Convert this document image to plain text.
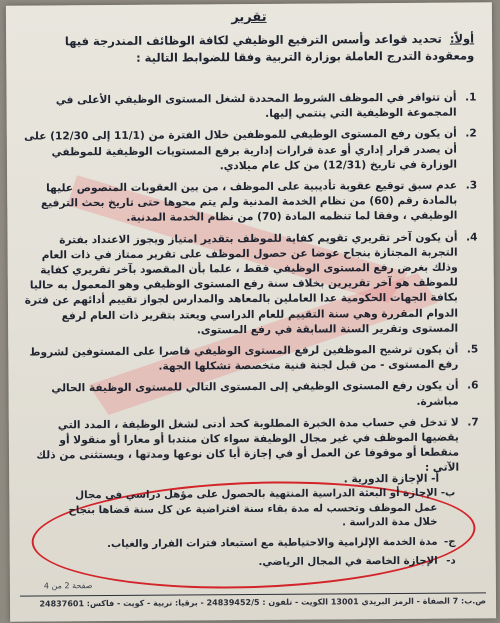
تقرير
أولاً: تحديد قواعد وأسس الترفيع الوظيفي لكافة الوظائف المندرجة فيها ومعقودة التدرج العاملة بوزارة التربية وفقا للضوابط التالية :
1.
أن تتوافر في الموظف الشروط المحددة لشغل المستوى الوظيفي الأعلى في المجموعة الوظيفية التي ينتمي إليها.
2.
أن يكون رفع المستوى الوظيفي للموظفين خلال الفترة من (11/1 إلى 12/30) على أن يصدر قرار إداري أو عدة قرارات إدارية برفع المستويات الوظيفية للموظفي الوزارة في تاريخ (12/31) من كل عام ميلادي.
3.
عدم سبق توقيع عقوبة تأديبية على الموظف ، من بين العقوبات المنصوص عليها بالمادة رقم (60) من نظام الخدمة المدنية ولم يتم محوها حتى تاريخ بحث الترفيع الوظيفي ، وفقا لما تنظمه المادة (70) من نظام الخدمة المدنية.
4.
أن يكون آخر تقريري تقويم كفاية للموظف بتقدير امتياز ويجوز الاعتداد بفترة التجربة المجتازة بنجاح عوضا عن حصول الموظف على تقرير ممتاز في ذات العام وذلك بغرض رفع المستوى الوظيفي فقط ، علما بأن المقصود بآخر تقريري كفاية للموظف هو آخر تقريرين بخلاف سنة رفع المستوى الوظيفي وهو المعمول به حاليا بكافة الجهات الحكومية عدا العاملين بالمعاهد والمدارس لجواز تقييم أدائهم عن فترة الدوام المقررة وهي سنة التقييم للعام الدراسي ويعتد بتقرير ذات العام لرفع المستوى وتقرير السنة السابقة في رفع المستوى.
5.
أن يكون ترشيح الموظفين لرفع المستوى الوظيفي قاصرا على المستوفين لشروط رفع المستوى - من قبل لجنة فنية متخصصة تشكلها الجهة.
6.
أن يكون رفع المستوى الوظيفي إلى المستوى التالي للمستوى الوظيفة الحالي مباشرة.
7.
لا تدخل في حساب مدة الخبرة المطلوبة كحد أدنى لشغل الوظيفة ، المدد التي يقضيها الموظف في غير مجال الوظيفة سواء كان منتدبا أو معارا أو منقولا أو منقطعا أو موقوفا عن العمل أو في إجازة أيا كان نوعها ومدتها ، ويستثنى من ذلك الآتي :
أ- الإجازة الدورية .
ب-
الإجازة أو البعثة الدراسية المنتهية بالحصول على مؤهل دراسي في مجال عمل الموظف وتحسب له مدة بقاء سنة افتراضية عن كل سنة قضاها بنجاح خلال مدة الدراسة .
ج-
مدة الخدمة الإلزامية والاحتياطية مع استبعاد فترات الفرار والغياب.
د-
الإجازة الخاصة في المجال الرياضي.
صفحة 2 من 4
ص.ب: 7 الصفاة - الرمز البريدي 13001 الكويت - تلفون : 24839452/5 - برقيا: تربية - كويت - فاكس: 24837601
